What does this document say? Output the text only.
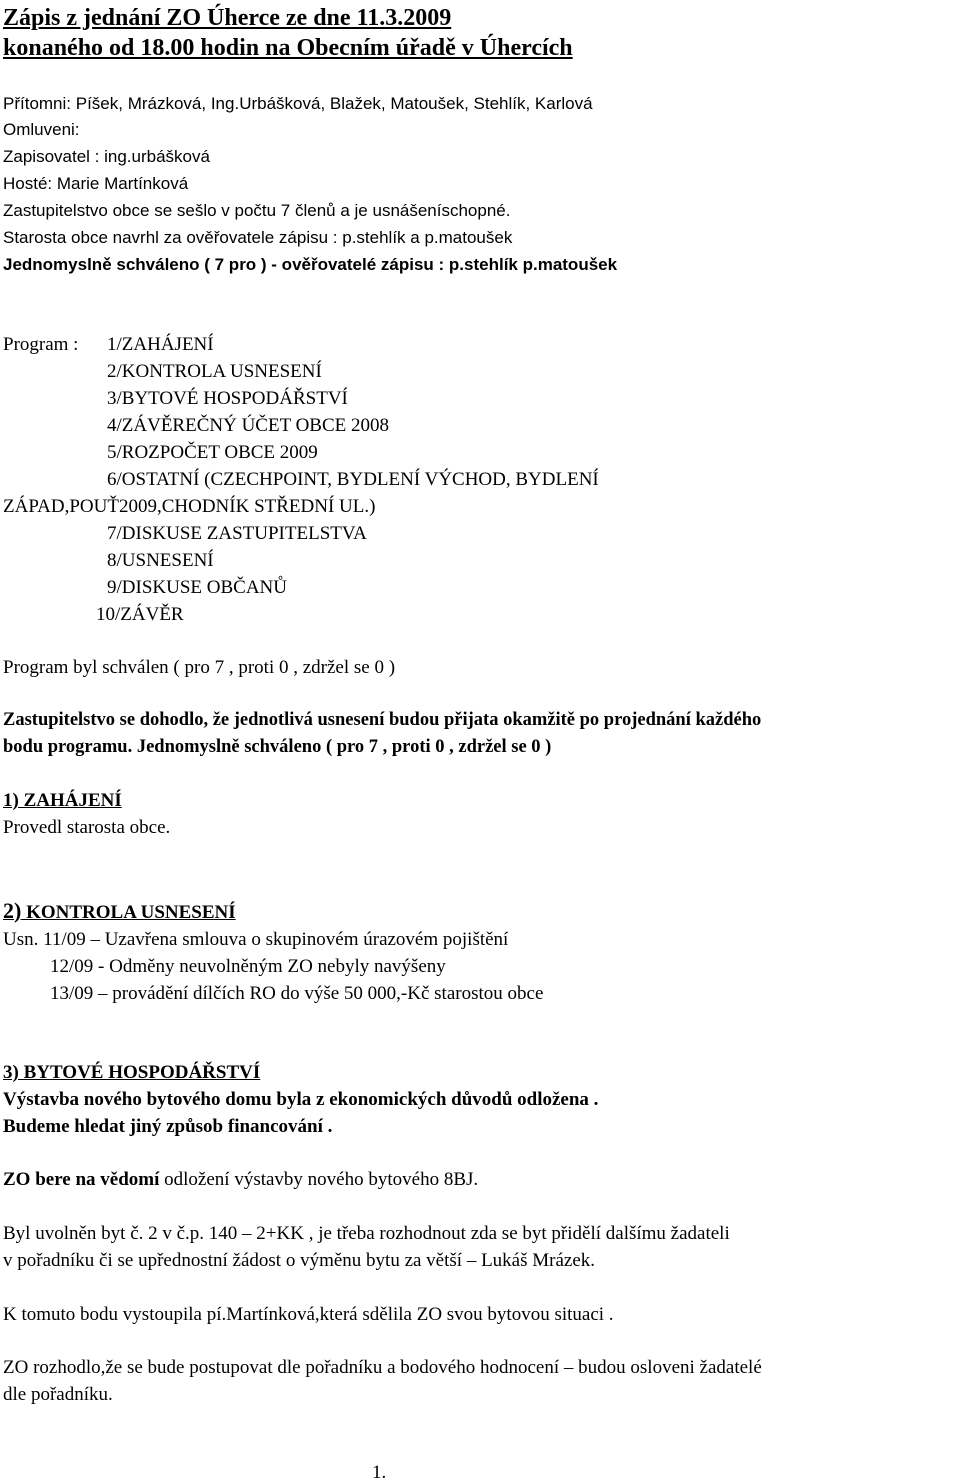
Zápis z jednání ZO Úherce ze dne 11.3.2009
konaného od 18.00 hodin na Obecním úřadě v Úhercích
Přítomni: Píšek, Mrázková, Ing.Urbášková, Blažek, Matoušek, Stehlík, Karlová
Omluveni:
Zapisovatel : ing.urbášková
Hosté: Marie Martínková
Zastupitelstvo obce se sešlo v počtu 7 členů a je usnášeníschopné.
Starosta obce navrhl za ověřovatele zápisu : p.stehlík a p.matoušek
Jednomyslně schváleno ( 7 pro ) - ověřovatelé zápisu : p.stehlík p.matoušek
Program : 1/ZAHÁJENÍ
2/KONTROLA USNESENÍ
3/BYTOVÉ HOSPODÁŘSTVÍ
4/ZÁVĚREČNÝ ÚČET OBCE 2008
5/ROZPOČET OBCE 2009
6/OSTATNÍ (CZECHPOINT, BYDLENÍ VÝCHOD, BYDLENÍ
ZÁPAD,POUŤ2009,CHODNÍK STŘEDNÍ UL.)
7/DISKUSE ZASTUPITELSTVA
8/USNESENÍ
9/DISKUSE OBČANŮ
10/ZÁVĚR
Program byl schválen ( pro 7 , proti 0 , zdržel se 0 )
Zastupitelstvo se dohodlo, že jednotlivá usnesení budou přijata okamžitě po projednání každého
bodu programu. Jednomyslně schváleno ( pro 7 , proti 0 , zdržel se 0 )
1) ZAHÁJENÍ
Provedl starosta obce.
2) KONTROLA USNESENÍ
Usn. 11/09 – Uzavřena smlouva o skupinovém úrazovém pojištění
12/09 - Odměny neuvolněným ZO nebyly navýšeny
13/09 – provádění dílčích RO do výše 50 000,-Kč starostou obce
3) BYTOVÉ HOSPODÁŘSTVÍ
Výstavba nového bytového domu byla z ekonomických důvodů odložena .
Budeme hledat jiný způsob financování .
ZO bere na vědomí odložení výstavby nového bytového 8BJ.
Byl uvolněn byt č. 2 v č.p. 140 – 2+KK , je třeba rozhodnout zda se byt přidělí dalšímu žadateli
v pořadníku či se upřednostní žádost o výměnu bytu za větší – Lukáš Mrázek.
K tomuto bodu vystoupila pí.Martínková,která sdělila ZO svou bytovou situaci .
ZO rozhodlo,že se bude postupovat dle pořadníku a bodového hodnocení – budou osloveni žadatelé
dle pořadníku.
1.
